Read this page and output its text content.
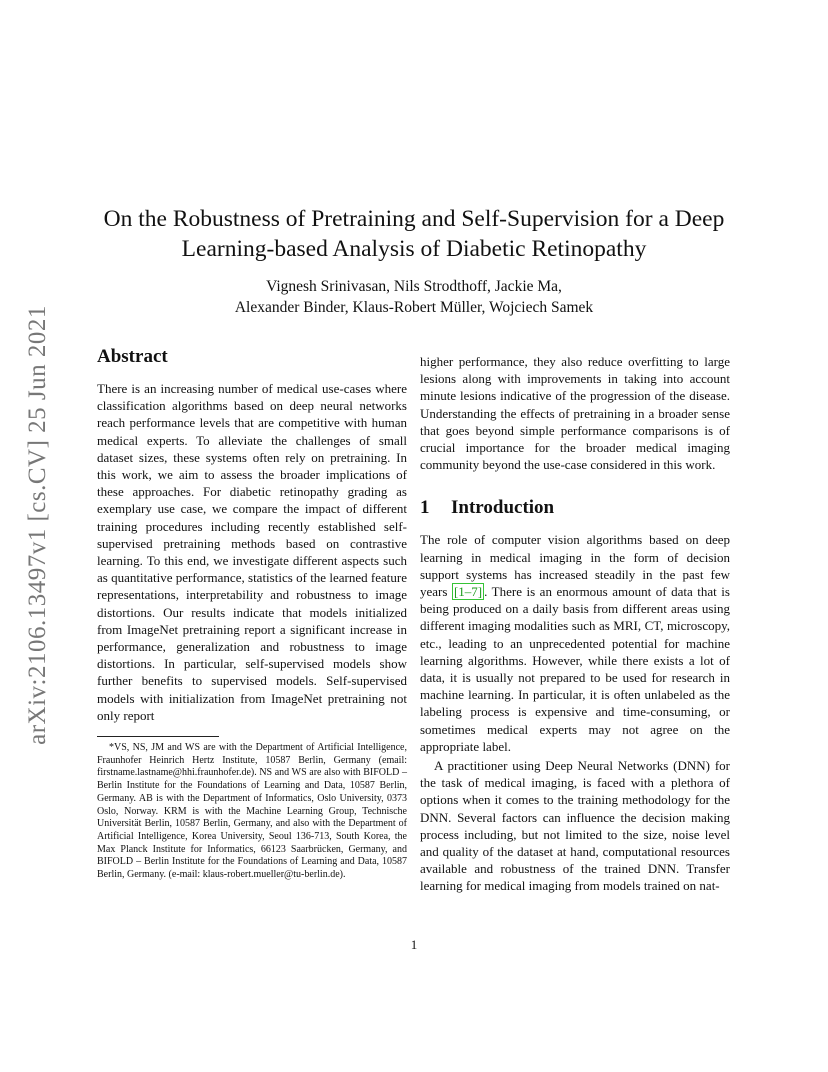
arXiv:2106.13497v1 [cs.CV] 25 Jun 2021
On the Robustness of Pretraining and Self-Supervision for a Deep Learning-based Analysis of Diabetic Retinopathy
Vignesh Srinivasan, Nils Strodthoff, Jackie Ma,
Alexander Binder, Klaus-Robert Müller, Wojciech Samek
Abstract

There is an increasing number of medical use-cases where classification algorithms based on deep neural networks reach performance levels that are competitive with human medical experts. To alleviate the challenges of small dataset sizes, these systems often rely on pretraining. In this work, we aim to assess the broader implications of these approaches. For diabetic retinopathy grading as exemplary use case, we compare the impact of different training procedures including recently established self-supervised pretraining methods based on contrastive learning. To this end, we investigate different aspects such as quantitative performance, statistics of the learned feature representations, interpretability and robustness to image distortions. Our results indicate that models initialized from ImageNet pretraining report a significant increase in performance, generalization and robustness to image distortions. In particular, self-supervised models show further benefits to supervised models. Self-supervised models with initialization from ImageNet pretraining not only report

*VS, NS, JM and WS are with the Department of Artificial Intelligence, Fraunhofer Heinrich Hertz Institute, 10587 Berlin, Germany (email: firstname.lastname@hhi.fraunhofer.de). NS and WS are also with BIFOLD – Berlin Institute for the Foundations of Learning and Data, 10587 Berlin, Germany. AB is with the Department of Informatics, Oslo University, 0373 Oslo, Norway. KRM is with the Machine Learning Group, Technische Universität Berlin, 10587 Berlin, Germany, and also with the Department of Artificial Intelligence, Korea University, Seoul 136-713, South Korea, the Max Planck Institute for Informatics, 66123 Saarbrücken, Germany, and BIFOLD – Berlin Institute for the Foundations of Learning and Data, 10587 Berlin, Germany. (e-mail: klaus-robert.mueller@tu-berlin.de).

higher performance, they also reduce overfitting to large lesions along with improvements in taking into account minute lesions indicative of the progression of the disease. Understanding the effects of pretraining in a broader sense that goes beyond simple performance comparisons is of crucial importance for the broader medical imaging community beyond the use-case considered in this work.

1 Introduction

The role of computer vision algorithms based on deep learning in medical imaging in the form of decision support systems has increased steadily in the past few years [1–7] . There is an enormous amount of data that is being produced on a daily basis from different areas using different imaging modalities such as MRI, CT, microscopy, etc., leading to an unprecedented potential for machine learning algorithms. However, while there exists a lot of data, it is usually not prepared to be used for research in machine learning. In particular, it is often unlabeled as the labeling process is expensive and time-consuming, or sometimes medical experts may not agree on the appropriate label.

A practitioner using Deep Neural Networks (DNN) for the task of medical imaging, is faced with a plethora of options when it comes to the training methodology for the DNN. Several factors can influence the decision making process including, but not limited to the size, noise level and quality of the dataset at hand, computational resources available and robustness of the trained DNN. Transfer learning for medical imaging from models trained on nat-

1
